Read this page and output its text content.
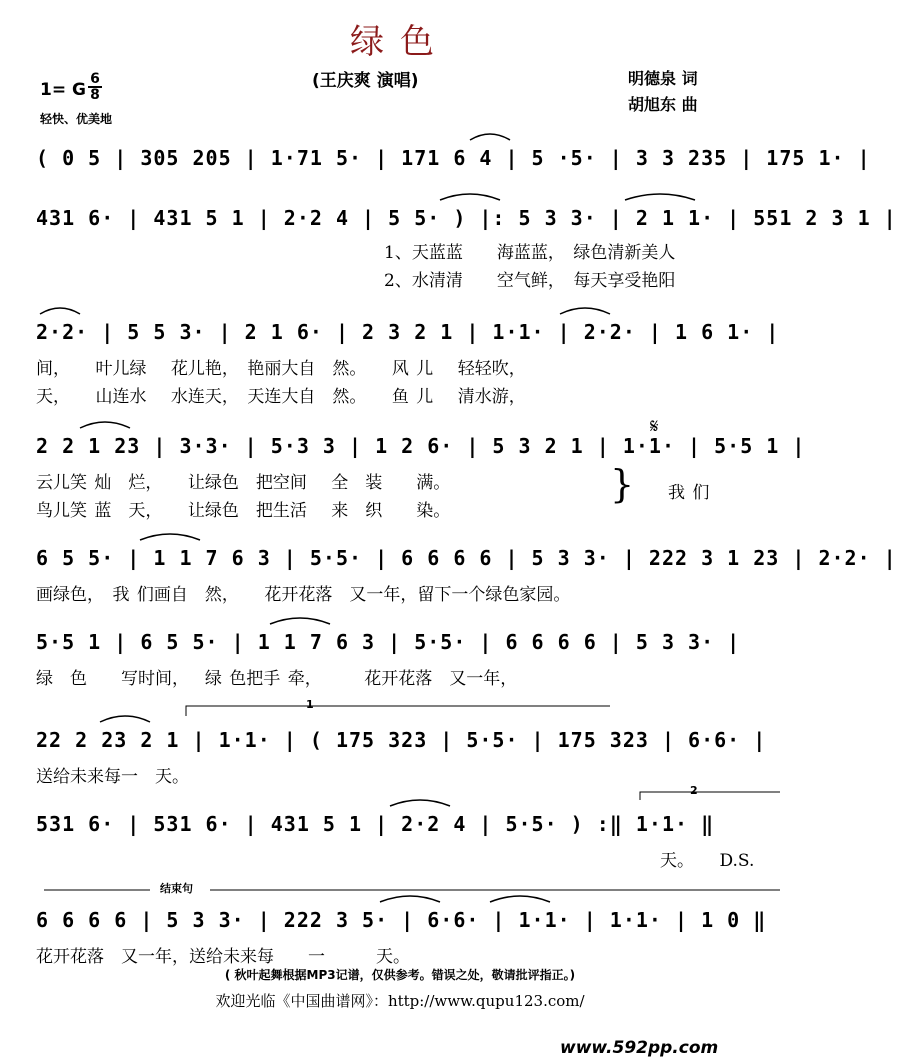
绿色
(王庆爽 演唱)	明德泉 词
胡旭东 曲
1= G $\frac{6}{8}$
轻快、优美地
( 0 5 | 305 205 | 1·71 5· | 171 6 4 | 5 ·5· | 3 3 235 | 175 1· |
431 6· | 431 5 1 | 2·2 4 | 5 5· ) |: 5 3 3· | 2 1 1· | 551 2 3 1 |
2·2· | 5 5 3· | 2 1 6· | 2 3 2 1 | 1·1· | 2·2· | 1 6 1· |
2 2 1 23 | 3·3· | 5·3 3 | 1 2 6· | 5 3 2 1 | 1·1· | 5·5 1 |
6 5 5· | 1 1 7 6 3 | 5·5· | 6 6 6 6 | 5 3 3· | 222 3 1 23 | 2·2· |
5·5 1 | 6 5 5· | 1 1 7 6 3 | 5·5· | 6 6 6 6 | 5 3 3· |
22 2 23 2 1 | 1·1· | ( 175 323 | 5·5· | 175 323 | 6·6· |
531 6· | 531 6· | 431 5 1 | 2·2 4 | 5·5· ) :‖ 1·1· ‖
6 6 6 6 | 5 3 3· | 222 3 5· | 6·6· | 1·1· | 1·1· | 1 0 ‖
1、天蓝蓝　　海蓝蓝，　绿色清新美人
2、水清清　　空气鲜，　每天享受艳阳
间，　　叶儿绿　 花儿艳，　艳丽大自　然。　　风 儿　 轻轻吹，
天，　　山连水　 水连天，　天连大自　然。　　鱼 儿　 清水游，
云儿笑 灿　烂，　　让绿色　把空间　 全　装　　满。
鸟儿笑 蓝　天，　　让绿色　把生活　 来　织　　染。
} 我 们
画绿色，　我 们画自　然，　　花开花落　又一年，留下一个绿色家园。
绿　色　　写时间，　 绿 色把手 牵，　　　花开花落　又一年，
送给未来每一　天。
天。　　D.S.
花开花落　又一年，送给未来每　　一　　　天。
1
2
结束句
𝄋
( 秋叶起舞根据MP3记谱，仅供参考。错误之处，敬请批评指正。)
欢迎光临《中国曲谱网》：http://www.qupu123.com/
www.592pp.com
